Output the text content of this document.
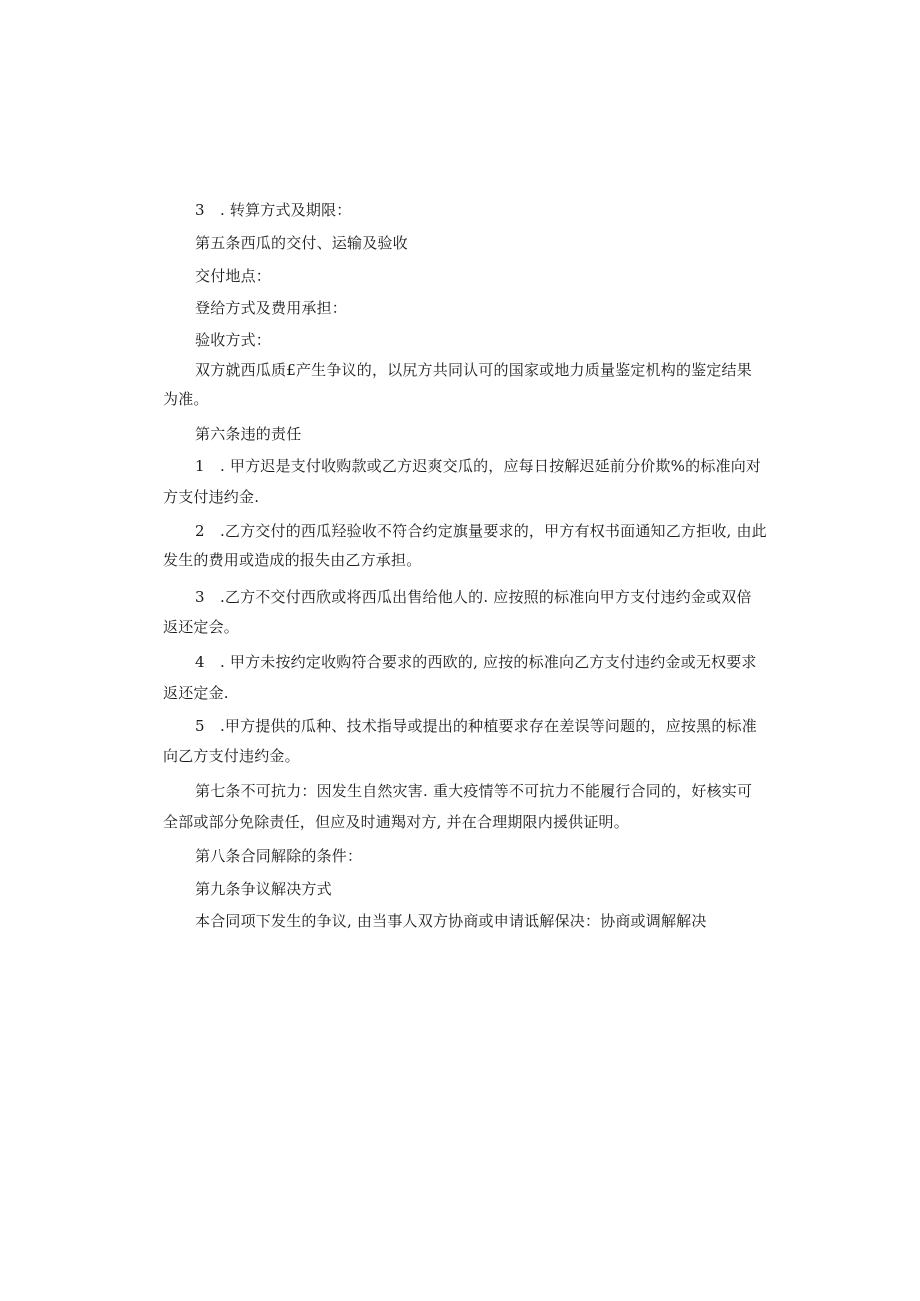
3　. 转算方式及期限：
第五条西瓜的交付、运输及验收
交付地点：
登给方式及费用承担：
验收方式：
双方就西瓜质£产生争议的，以尻方共同认可的国家或地力质量鉴定机构的鉴定结果
为准。
第六条违的责任
1　. 甲方迟是支付收购款或乙方迟爽交瓜的，应每日按解迟延前分价欺%的标准向对
方支付违约金.
2　.乙方交付的西瓜羟验收不符合约定旗量要求的，甲方有权书面通知乙方拒收, 由此
发生的费用或造成的报失由乙方承担。
3　.乙方不交付西欣或将西瓜出售给他人的. 应按照的标准向甲方支付违约金或双倍
返还定会。
4　. 甲方未按约定收购符合要求的西欧的, 应按的标准向乙方支付违约金或无权要求
返还定金.
5　.甲方提供的瓜种、技术指导或提出的种植要求存在差误等问题的，应按黑的标准
向乙方支付违约金。
第七条不可抗力：因发生自然灾害. 重大疫情等不可抗力不能履行合同的，好核实可
全部或部分免除责任，但应及时逋羯对方, 并在合理期限内援供证明。
第八条合同解除的条件：
第九条争议解决方式
本合同项下发生的争议, 由当事人双方协商或申请诋解保决：协商或调解解决
